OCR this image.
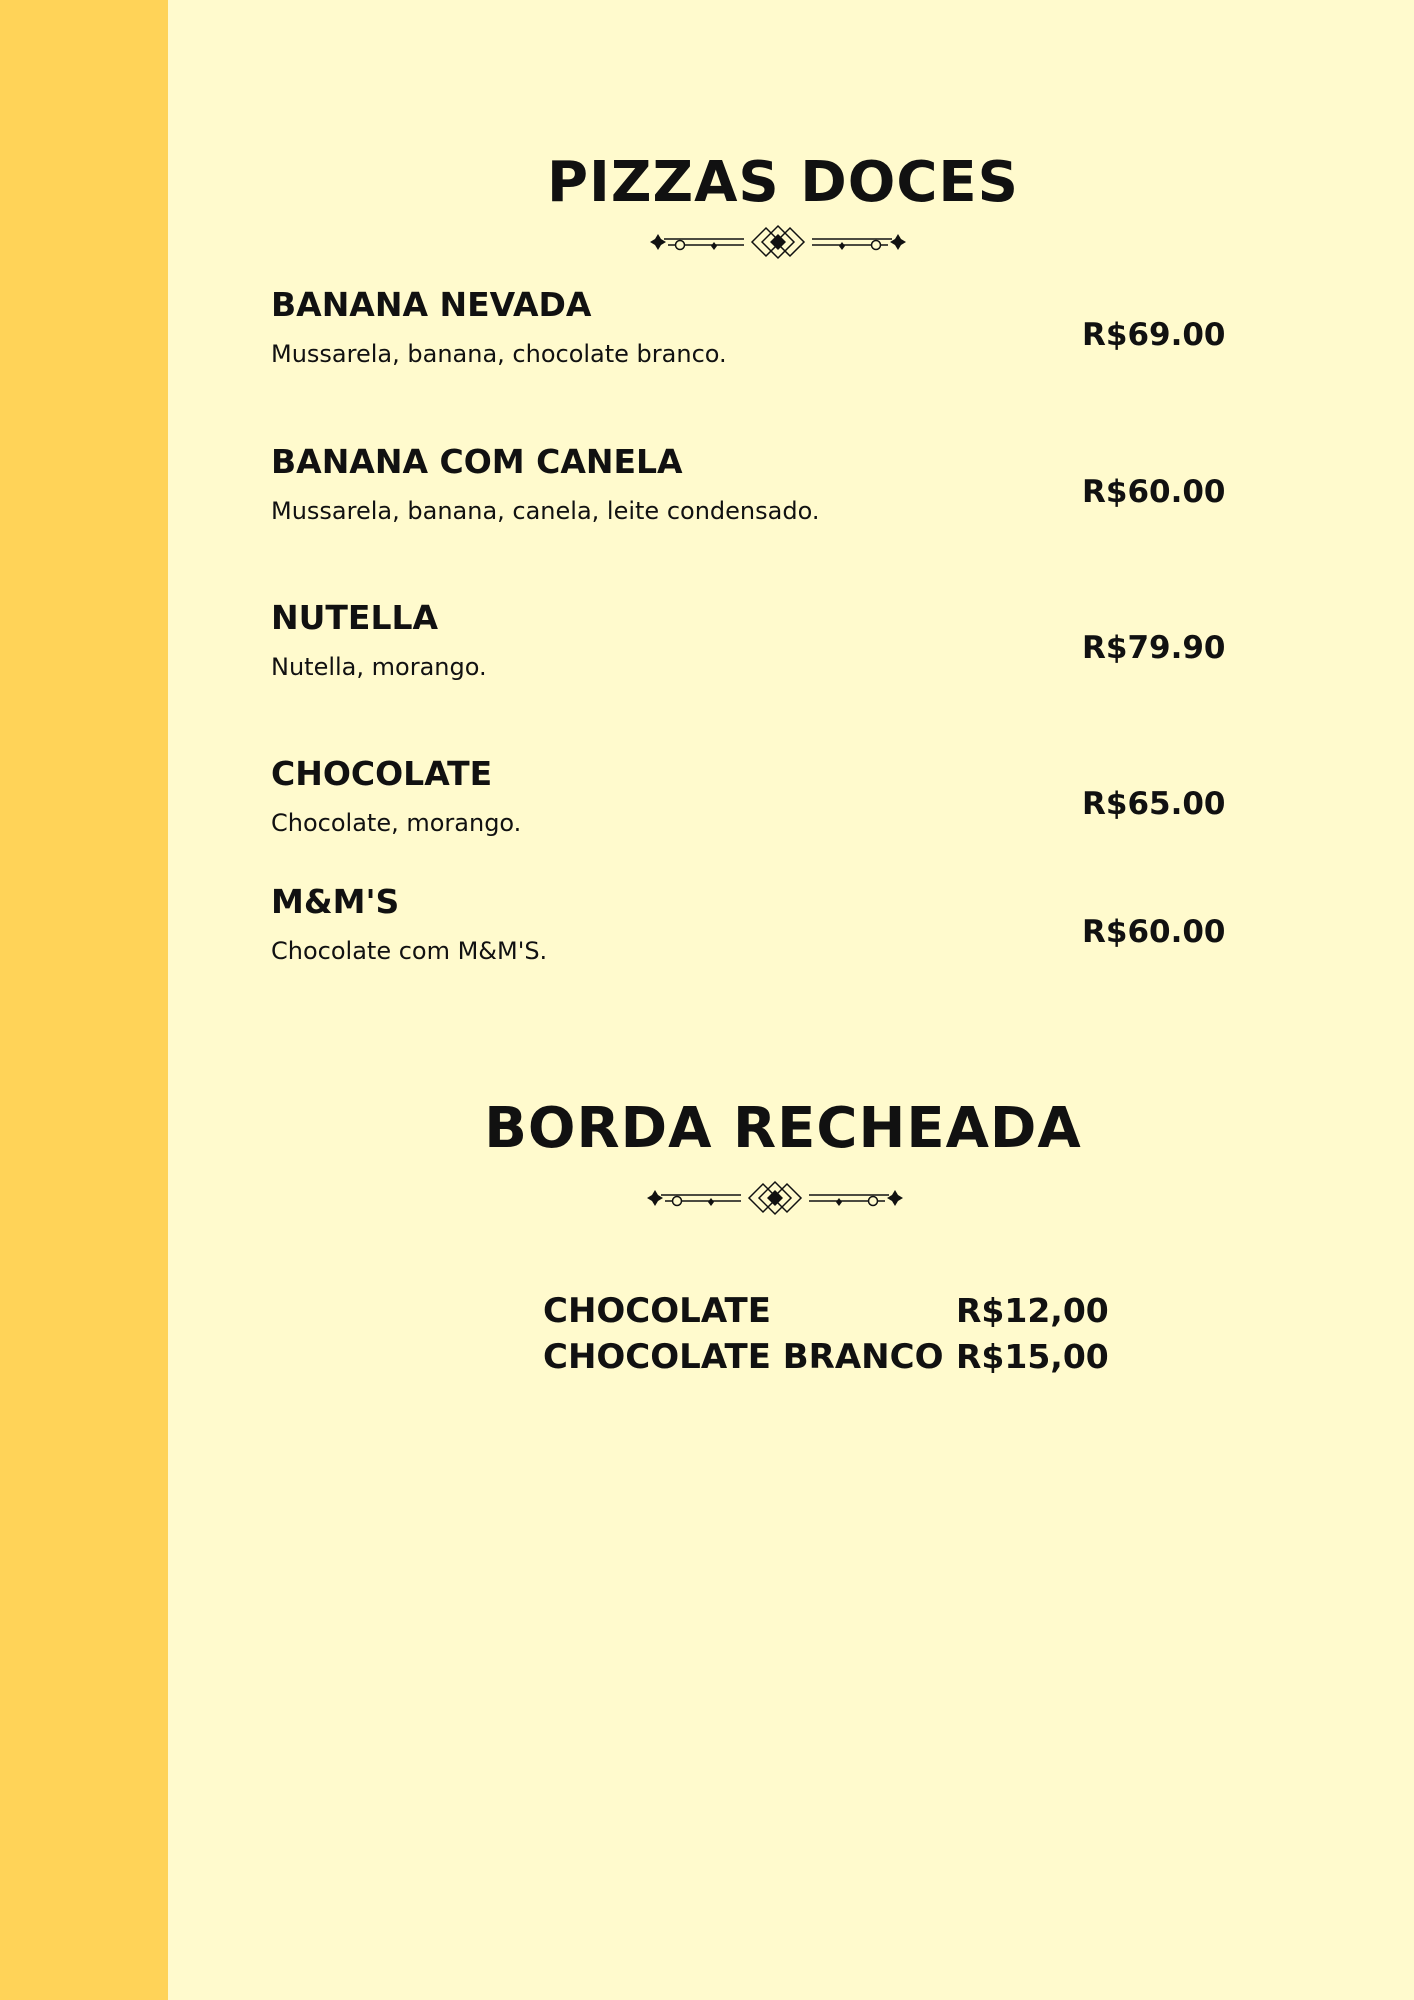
PIZZAS DOCES
BANANA NEVADA
Mussarela, banana, chocolate branco.
R$69.00
BANANA COM CANELA
Mussarela, banana, canela, leite condensado.
R$60.00
NUTELLA
Nutella, morango.
R$79.90
CHOCOLATE
Chocolate, morango.
R$65.00
M&M'S
Chocolate com M&M'S.
R$60.00
BORDA RECHEADA
CHOCOLATE	R$12,00
CHOCOLATE BRANCO R$15,00
